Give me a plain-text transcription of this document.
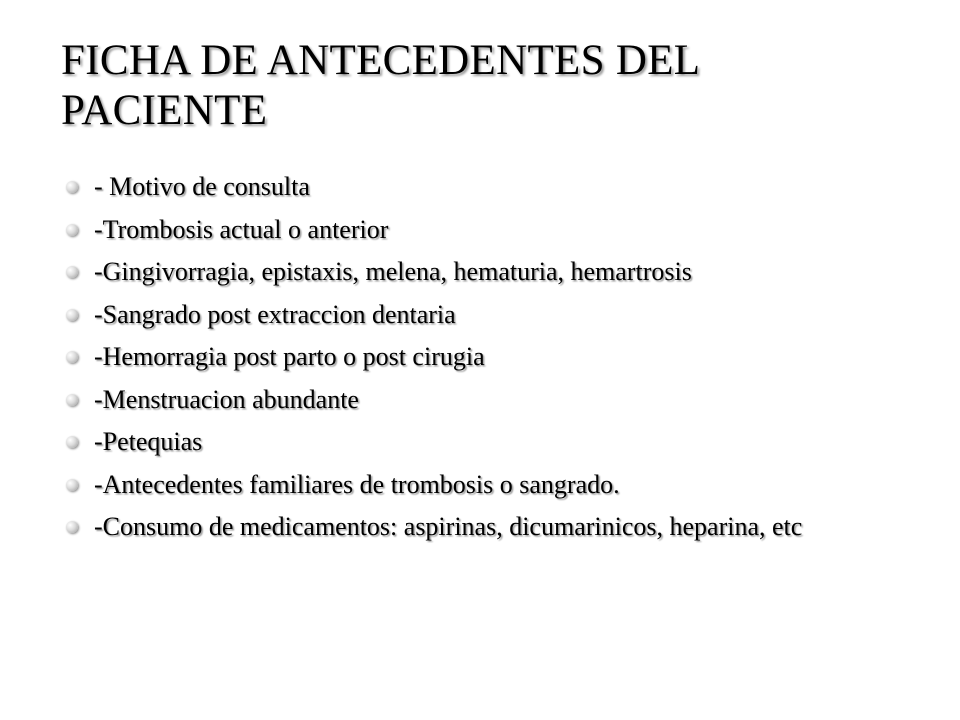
FICHA DE ANTECEDENTES DEL PACIENTE
- Motivo de consulta
-Trombosis actual o anterior
-Gingivorragia, epistaxis, melena, hematuria, hemartrosis
-Sangrado post extraccion dentaria
-Hemorragia post parto o post cirugia
-Menstruacion abundante
-Petequias
-Antecedentes familiares de trombosis o sangrado.
-Consumo de medicamentos: aspirinas, dicumarinicos, heparina, etc
